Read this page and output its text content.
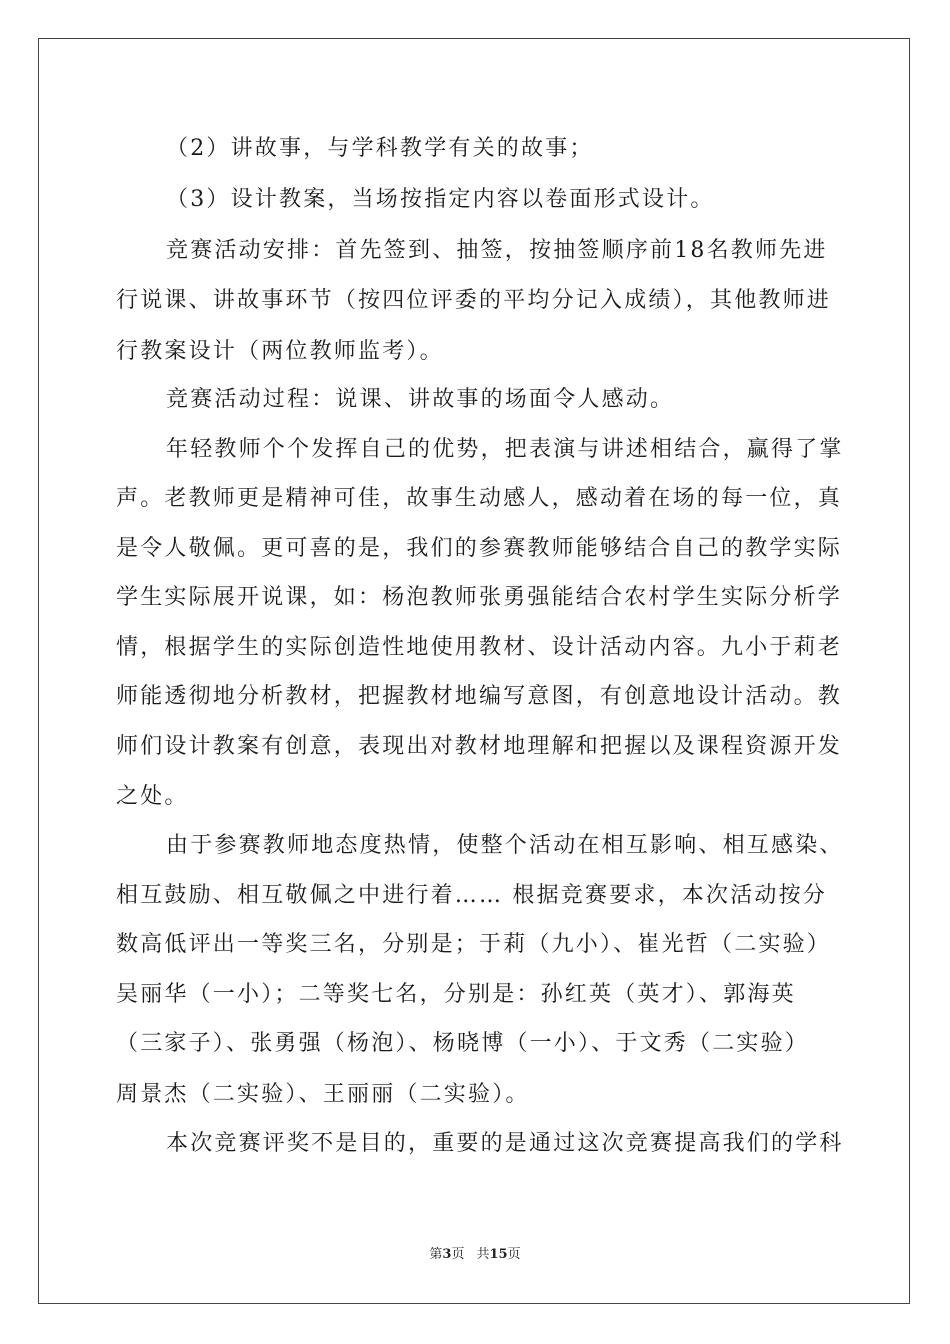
（2）讲故事，与学科教学有关的故事；
（3）设计教案，当场按指定内容以卷面形式设计。
竞赛活动安排：首先签到、抽签，按抽签顺序前18名教师先进
行说课、讲故事环节（按四位评委的平均分记入成绩），其他教师进
行教案设计（两位教师监考）。
竞赛活动过程：说课、讲故事的场面令人感动。
年轻教师个个发挥自己的优势，把表演与讲述相结合，赢得了掌
声。老教师更是精神可佳，故事生动感人，感动着在场的每一位，真
是令人敬佩。更可喜的是，我们的参赛教师能够结合自己的教学实际
学生实际展开说课，如：杨泡教师张勇强能结合农村学生实际分析学
情，根据学生的实际创造性地使用教材、设计活动内容。九小于莉老
师能透彻地分析教材，把握教材地编写意图，有创意地设计活动。教
师们设计教案有创意，表现出对教材地理解和把握以及课程资源开发
之处。
由于参赛教师地态度热情，使整个活动在相互影响、相互感染、
相互鼓励、相互敬佩之中进行着…… 根据竞赛要求，本次活动按分
数高低评出一等奖三名，分别是；于莉（九小）、崔光哲（二实验）
吴丽华（一小）；二等奖七名，分别是：孙红英（英才）、郭海英
（三家子）、张勇强（杨泡）、杨晓博（一小）、于文秀（二实验）
周景杰（二实验）、王丽丽（二实验）。
本次竞赛评奖不是目的，重要的是通过这次竞赛提高我们的学科
第3页 共15页
